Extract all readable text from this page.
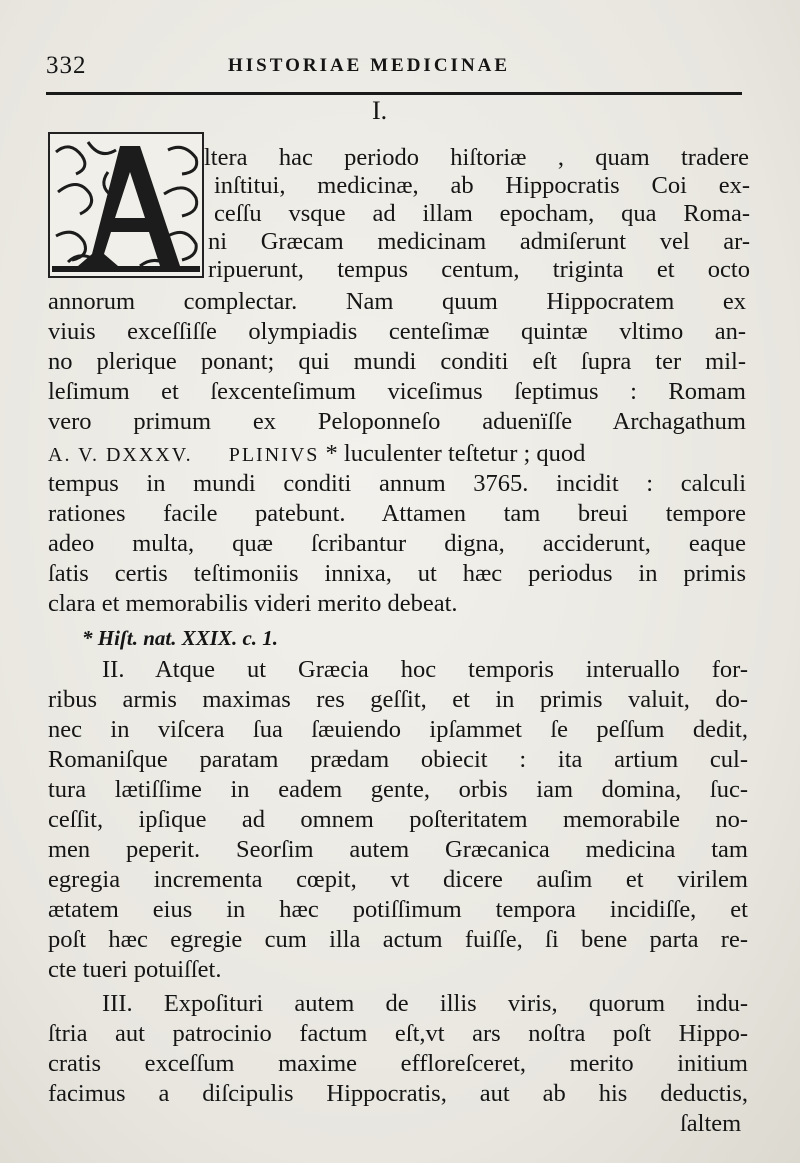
332	HISTORIAE MEDICINAE
I.
ltera hac periodo hiſtoriæ , quam tradere
inſtitui, medicinæ, ab Hippocratis Coi ex-
ceſſu vsque ad illam epocham, qua Roma-
ni Græcam medicinam admiſerunt vel ar-
ripuerunt, tempus centum, triginta et octo
annorum complectar. Nam quum Hippocratem ex
viuis exceſſiſſe olympiadis centeſimæ quintæ vltimo an-
no plerique ponant; qui mundi conditi eſt ſupra ter mil-
leſimum et ſexcenteſimum viceſimus ſeptimus : Romam
vero primum ex Peloponneſo aduenïſſe Archagathum
A. V. DXXXV. PLINIVS * luculenter teſtetur ; quod
tempus in mundi conditi annum 3765. incidit : calculi
rationes facile patebunt. Attamen tam breui tempore
adeo multa, quæ ſcribantur digna, acciderunt, eaque
ſatis certis teſtimoniis innixa, ut hæc periodus in primis
clara et memorabilis videri merito debeat.
* Hiſt. nat. XXIX. c. 1.
II. Atque ut Græcia hoc temporis interuallo for-
ribus armis maximas res geſſit, et in primis valuit, do-
nec in viſcera ſua ſæuiendo ipſammet ſe peſſum dedit,
Romaniſque paratam prædam obiecit : ita artium cul-
tura lætiſſime in eadem gente, orbis iam domina, ſuc-
ceſſit, ipſique ad omnem poſteritatem memorabile no-
men peperit. Seorſim autem Græcanica medicina tam
egregia incrementa cœpit, vt dicere auſim et virilem
ætatem eius in hæc potiſſimum tempora incidiſſe, et
poſt hæc egregie cum illa actum fuiſſe, ſi bene parta re-
cte tueri potuiſſet.
III. Expoſituri autem de illis viris, quorum indu-
ſtria aut patrocinio factum eſt,vt ars noſtra poſt Hippo-
cratis exceſſum maxime effloreſceret, merito initium
facimus a diſcipulis Hippocratis, aut ab his deductis,
ſaltem
